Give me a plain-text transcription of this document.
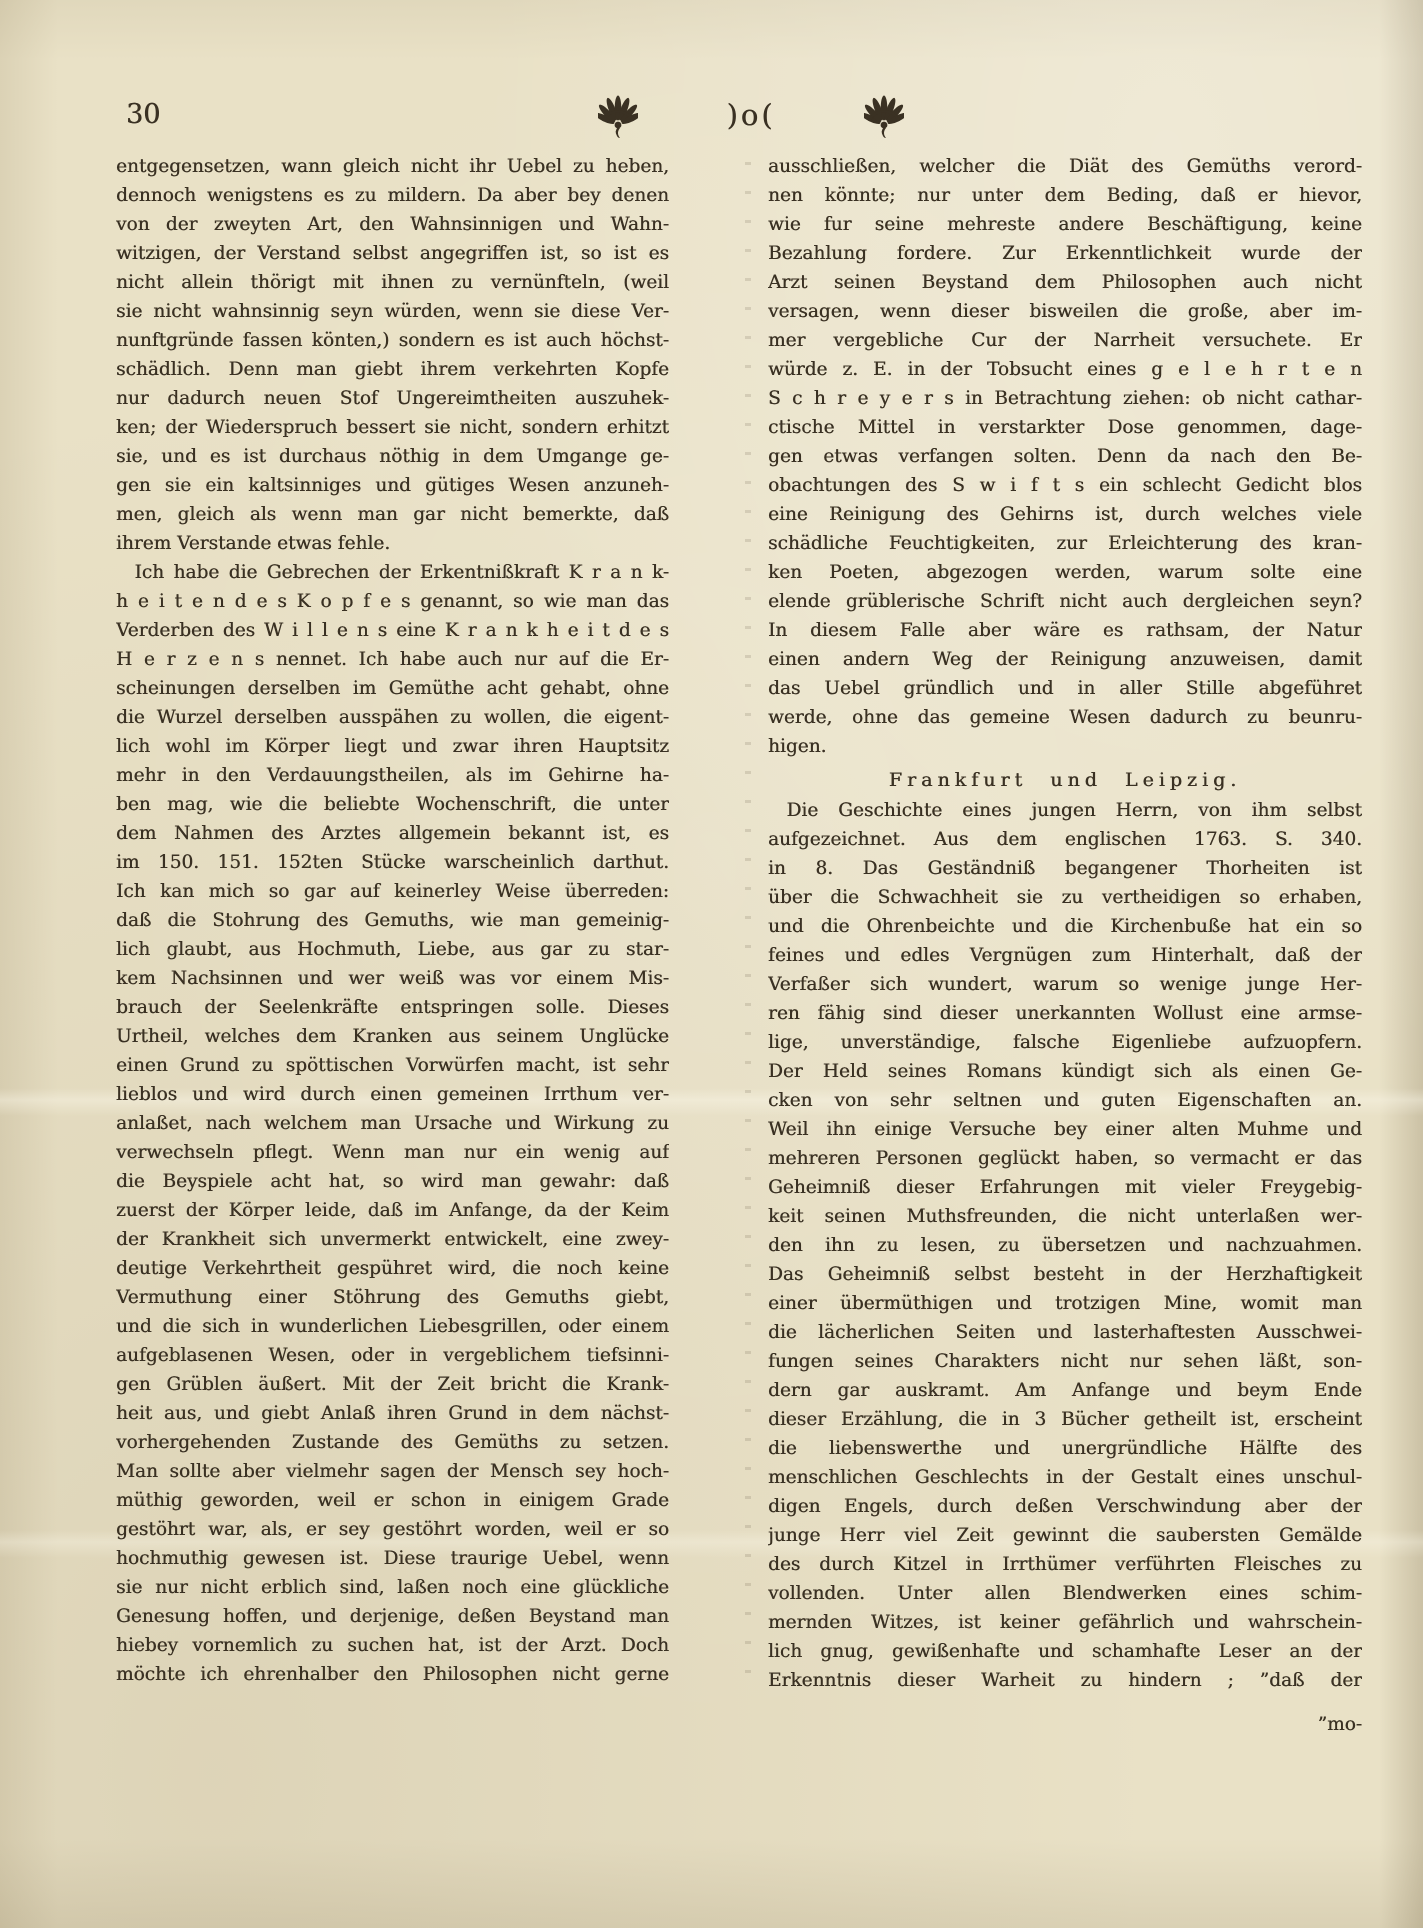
30	)o(
entgegensetzen, wann gleich nicht ihr Uebel zu heben,
dennoch wenigstens es zu mildern. Da aber bey denen
von der zweyten Art, den Wahnsinnigen und Wahn-
witzigen, der Verstand selbst angegriffen ist, so ist es
nicht allein thörigt mit ihnen zu vernünfteln, (weil
sie nicht wahnsinnig seyn würden, wenn sie diese Ver-
nunftgründe fassen könten,) sondern es ist auch höchst-
schädlich. Denn man giebt ihrem verkehrten Kopfe
nur dadurch neuen Stof Ungereimtheiten auszuhek-
ken; der Wiederspruch bessert sie nicht, sondern erhitzt
sie, und es ist durchaus nöthig in dem Umgange ge-
gen sie ein kaltsinniges und gütiges Wesen anzuneh-
men, gleich als wenn man gar nicht bemerkte, daß
ihrem Verstande etwas fehle.
 Ich habe die Gebrechen der Erkentnißkraft K r a n k-
h e i t e n d e s K o p f e s genannt, so wie man das
Verderben des W i l l e n s eine K r a n k h e i t d e s
H e r z e n s nennet. Ich habe auch nur auf die Er-
scheinungen derselben im Gemüthe acht gehabt, ohne
die Wurzel derselben ausspähen zu wollen, die eigent-
lich wohl im Körper liegt und zwar ihren Hauptsitz
mehr in den Verdauungstheilen, als im Gehirne ha-
ben mag, wie die beliebte Wochenschrift, die unter
dem Nahmen des Arztes allgemein bekannt ist, es
im 150. 151. 152ten Stücke warscheinlich darthut.
Ich kan mich so gar auf keinerley Weise überreden:
daß die Stohrung des Gemuths, wie man gemeinig-
lich glaubt, aus Hochmuth, Liebe, aus gar zu star-
kem Nachsinnen und wer weiß was vor einem Mis-
brauch der Seelenkräfte entspringen solle. Dieses
Urtheil, welches dem Kranken aus seinem Unglücke
einen Grund zu spöttischen Vorwürfen macht, ist sehr
lieblos und wird durch einen gemeinen Irrthum ver-
anlaßet, nach welchem man Ursache und Wirkung zu
verwechseln pflegt. Wenn man nur ein wenig auf
die Beyspiele acht hat, so wird man gewahr: daß
zuerst der Körper leide, daß im Anfange, da der Keim
der Krankheit sich unvermerkt entwickelt, eine zwey-
deutige Verkehrtheit gespühret wird, die noch keine
Vermuthung einer Stöhrung des Gemuths giebt,
und die sich in wunderlichen Liebesgrillen, oder einem
aufgeblasenen Wesen, oder in vergeblichem tiefsinni-
gen Grüblen äußert. Mit der Zeit bricht die Krank-
heit aus, und giebt Anlaß ihren Grund in dem nächst-
vorhergehenden Zustande des Gemüths zu setzen.
Man sollte aber vielmehr sagen der Mensch sey hoch-
müthig geworden, weil er schon in einigem Grade
gestöhrt war, als, er sey gestöhrt worden, weil er so
hochmuthig gewesen ist. Diese traurige Uebel, wenn
sie nur nicht erblich sind, laßen noch eine glückliche
Genesung hoffen, und derjenige, deßen Beystand man
hiebey vornemlich zu suchen hat, ist der Arzt. Doch
möchte ich ehrenhalber den Philosophen nicht gerne
ausschließen, welcher die Diät des Gemüths verord-
nen könnte; nur unter dem Beding, daß er hievor,
wie fur seine mehreste andere Beschäftigung, keine
Bezahlung fordere. Zur Erkenntlichkeit wurde der
Arzt seinen Beystand dem Philosophen auch nicht
versagen, wenn dieser bisweilen die große, aber im-
mer vergebliche Cur der Narrheit versuchete. Er
würde z. E. in der Tobsucht eines g e l e h r t e n
S c h r e y e r s in Betrachtung ziehen: ob nicht cathar-
ctische Mittel in verstarkter Dose genommen, dage-
gen etwas verfangen solten. Denn da nach den Be-
obachtungen des S w i f t s ein schlecht Gedicht blos
eine Reinigung des Gehirns ist, durch welches viele
schädliche Feuchtigkeiten, zur Erleichterung des kran-
ken Poeten, abgezogen werden, warum solte eine
elende grüblerische Schrift nicht auch dergleichen seyn?
In diesem Falle aber wäre es rathsam, der Natur
einen andern Weg der Reinigung anzuweisen, damit
das Uebel gründlich und in aller Stille abgeführet
werde, ohne das gemeine Wesen dadurch zu beunru-
higen.
Frankfurt und Leipzig.
 Die Geschichte eines jungen Herrn, von ihm selbst
aufgezeichnet. Aus dem englischen 1763. S. 340.
in 8. Das Geständniß begangener Thorheiten ist
über die Schwachheit sie zu vertheidigen so erhaben,
und die Ohrenbeichte und die Kirchenbuße hat ein so
feines und edles Vergnügen zum Hinterhalt, daß der
Verfaßer sich wundert, warum so wenige junge Her-
ren fähig sind dieser unerkannten Wollust eine armse-
lige, unverständige, falsche Eigenliebe aufzuopfern.
Der Held seines Romans kündigt sich als einen Ge-
cken von sehr seltnen und guten Eigenschaften an.
Weil ihn einige Versuche bey einer alten Muhme und
mehreren Personen geglückt haben, so vermacht er das
Geheimniß dieser Erfahrungen mit vieler Freygebig-
keit seinen Muthsfreunden, die nicht unterlaßen wer-
den ihn zu lesen, zu übersetzen und nachzuahmen.
Das Geheimniß selbst besteht in der Herzhaftigkeit
einer übermüthigen und trotzigen Mine, womit man
die lächerlichen Seiten und lasterhaftesten Ausschwei-
fungen seines Charakters nicht nur sehen läßt, son-
dern gar auskramt. Am Anfange und beym Ende
dieser Erzählung, die in 3 Bücher getheilt ist, erscheint
die liebenswerthe und unergründliche Hälfte des
menschlichen Geschlechts in der Gestalt eines unschul-
digen Engels, durch deßen Verschwindung aber der
junge Herr viel Zeit gewinnt die saubersten Gemälde
des durch Kitzel in Irrthümer verführten Fleisches zu
vollenden. Unter allen Blendwerken eines schim-
mernden Witzes, ist keiner gefährlich und wahrschein-
lich gnug, gewißenhafte und schamhafte Leser an der
Erkenntnis dieser Warheit zu hindern ; ”daß der
”mo-
